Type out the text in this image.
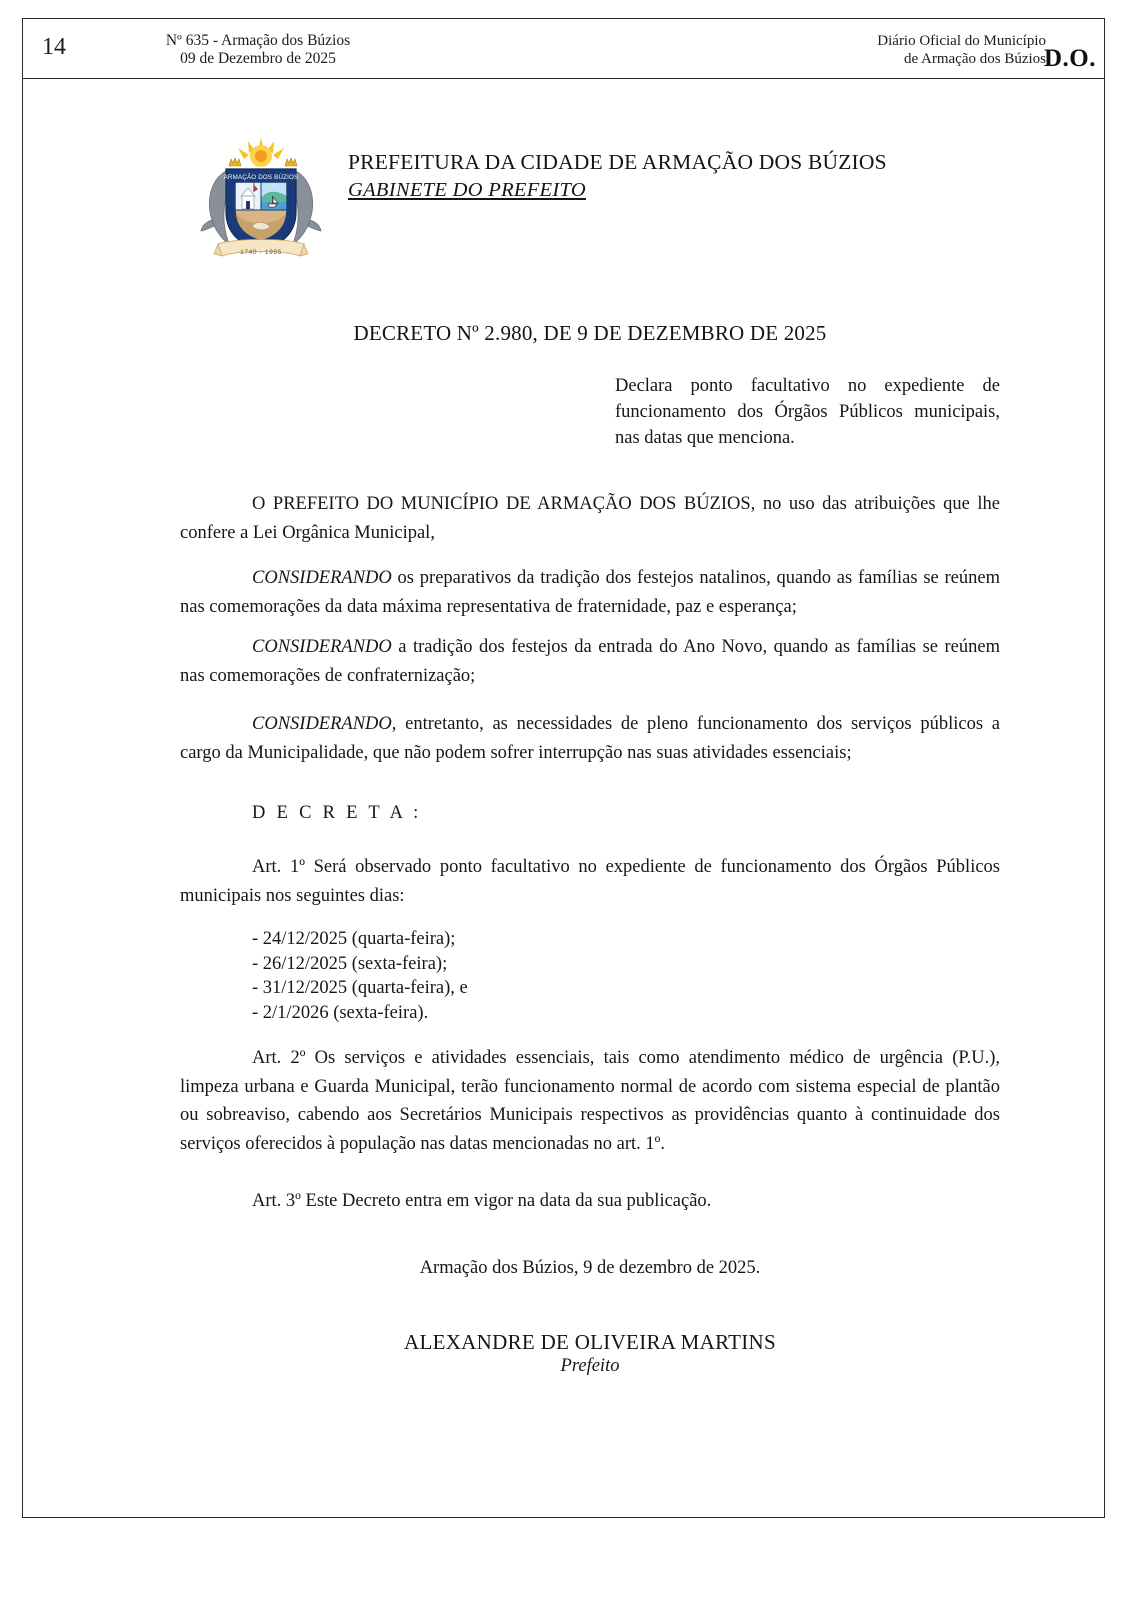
14	Nº 635 - Armação dos Búzios
09 de Dezembro de 2025
Diário Oficial do Município
de Armação dos Búzios
D.O.
ARMAÇÃO DOS BÚZIOS
1740 - 1995
PREFEITURA DA CIDADE DE ARMAÇÃO DOS BÚZIOS
GABINETE DO PREFEITO
DECRETO Nº 2.980, DE 9 DE DEZEMBRO DE 2025
Declara ponto facultativo no expediente de funcionamento dos Órgãos Públicos municipais, nas datas que menciona.

O PREFEITO DO MUNICÍPIO DE ARMAÇÃO DOS BÚZIOS, no uso das atribuições que lhe confere a Lei Orgânica Municipal,

CONSIDERANDO os preparativos da tradição dos festejos natalinos, quando as famílias se reúnem nas comemorações da data máxima representativa de fraternidade, paz e esperança;

CONSIDERANDO a tradição dos festejos da entrada do Ano Novo, quando as famílias se reúnem nas comemorações de confraternização;

CONSIDERANDO, entretanto, as necessidades de pleno funcionamento dos serviços públicos a cargo da Municipalidade, que não podem sofrer interrupção nas suas atividades essenciais;

D E C R E T A :

Art. 1º Será observado ponto facultativo no expediente de funcionamento dos Órgãos Públicos municipais nos seguintes dias:

- 24/12/2025 (quarta-feira);
- 26/12/2025 (sexta-feira);
- 31/12/2025 (quarta-feira), e
- 2/1/2026 (sexta-feira).

Art. 2º Os serviços e atividades essenciais, tais como atendimento médico de urgência (P.U.), limpeza urbana e Guarda Municipal, terão funcionamento normal de acordo com sistema especial de plantão ou sobreaviso, cabendo aos Secretários Municipais respectivos as providências quanto à continuidade dos serviços oferecidos à população nas datas mencionadas no art. 1º.

Art. 3º Este Decreto entra em vigor na data da sua publicação.

Armação dos Búzios, 9 de dezembro de 2025.
ALEXANDRE DE OLIVEIRA MARTINS
Prefeito
